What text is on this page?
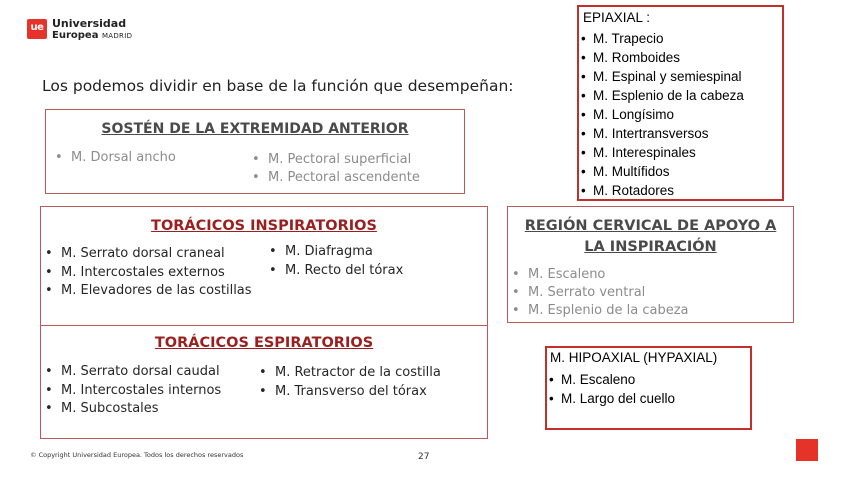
ue Universidad
Europea MADRID
Los podemos dividir en base de la función que desempeñan:
SOSTÉN DE LA EXTREMIDAD ANTERIOR
• M. Dorsal ancho
•	M. Pectoral superficial
• M. Pectoral ascendente
TORÁCICOS INSPIRATORIOS
• M. Serrato dorsal craneal
• M. Intercostales externos
• M. Elevadores de las costillas
• M. Diafragma
• M. Recto del tórax
TORÁCICOS ESPIRATORIOS
• M. Serrato dorsal caudal
• M. Intercostales internos
• M. Subcostales
• M. Retractor de la costilla
• M. Transverso del tórax
REGIÓN CERVICAL DE APOYO A
LA INSPIRACIÓN
• M. Escaleno
• M. Serrato ventral
• M. Esplenio de la cabeza
EPIAXIAL :
• M. Trapecio
• M. Romboides
• M. Espinal y semiespinal
• M. Esplenio de la cabeza
• M. Longísimo
• M. Intertransversos
• M. Interespinales
• M. Multífidos
• M. Rotadores
M. HIPOAXIAL (HYPAXIAL)
• M. Escaleno
• M. Largo del cuello
© Copyright Universidad Europea. Todos los derechos reservados	27
